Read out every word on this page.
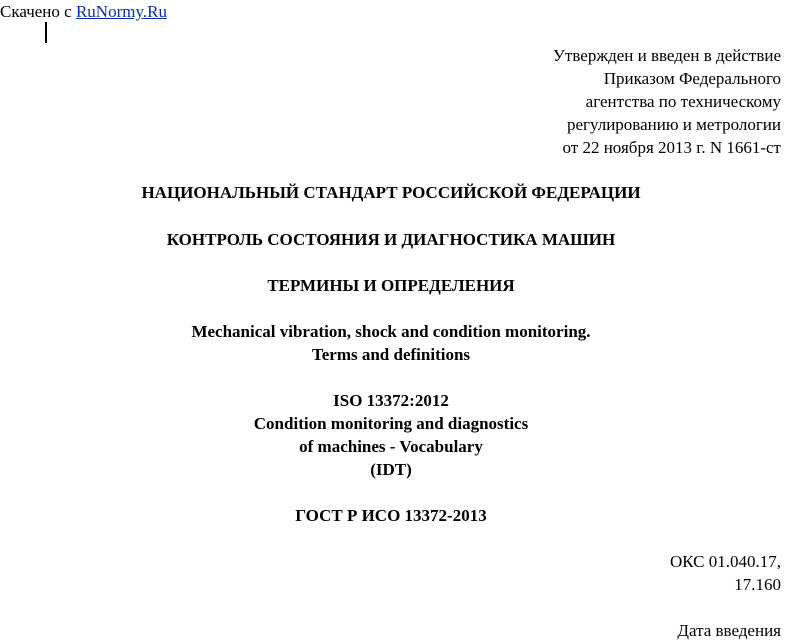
Скачено с RuNormy.Ru
Утвержден и введен в действие
Приказом Федерального
агентства по техническому
регулированию и метрологии
от 22 ноября 2013 г. N 1661-ст
НАЦИОНАЛЬНЫЙ СТАНДАРТ РОССИЙСКОЙ ФЕДЕРАЦИИ
КОНТРОЛЬ СОСТОЯНИЯ И ДИАГНОСТИКА МАШИН
ТЕРМИНЫ И ОПРЕДЕЛЕНИЯ
Mechanical vibration, shock and condition monitoring.
Terms and definitions
ISO 13372:2012
Condition monitoring and diagnostics
of machines - Vocabulary
(IDT)
ГОСТ Р ИСО 13372-2013
ОКС 01.040.17,
17.160
Дата введения
